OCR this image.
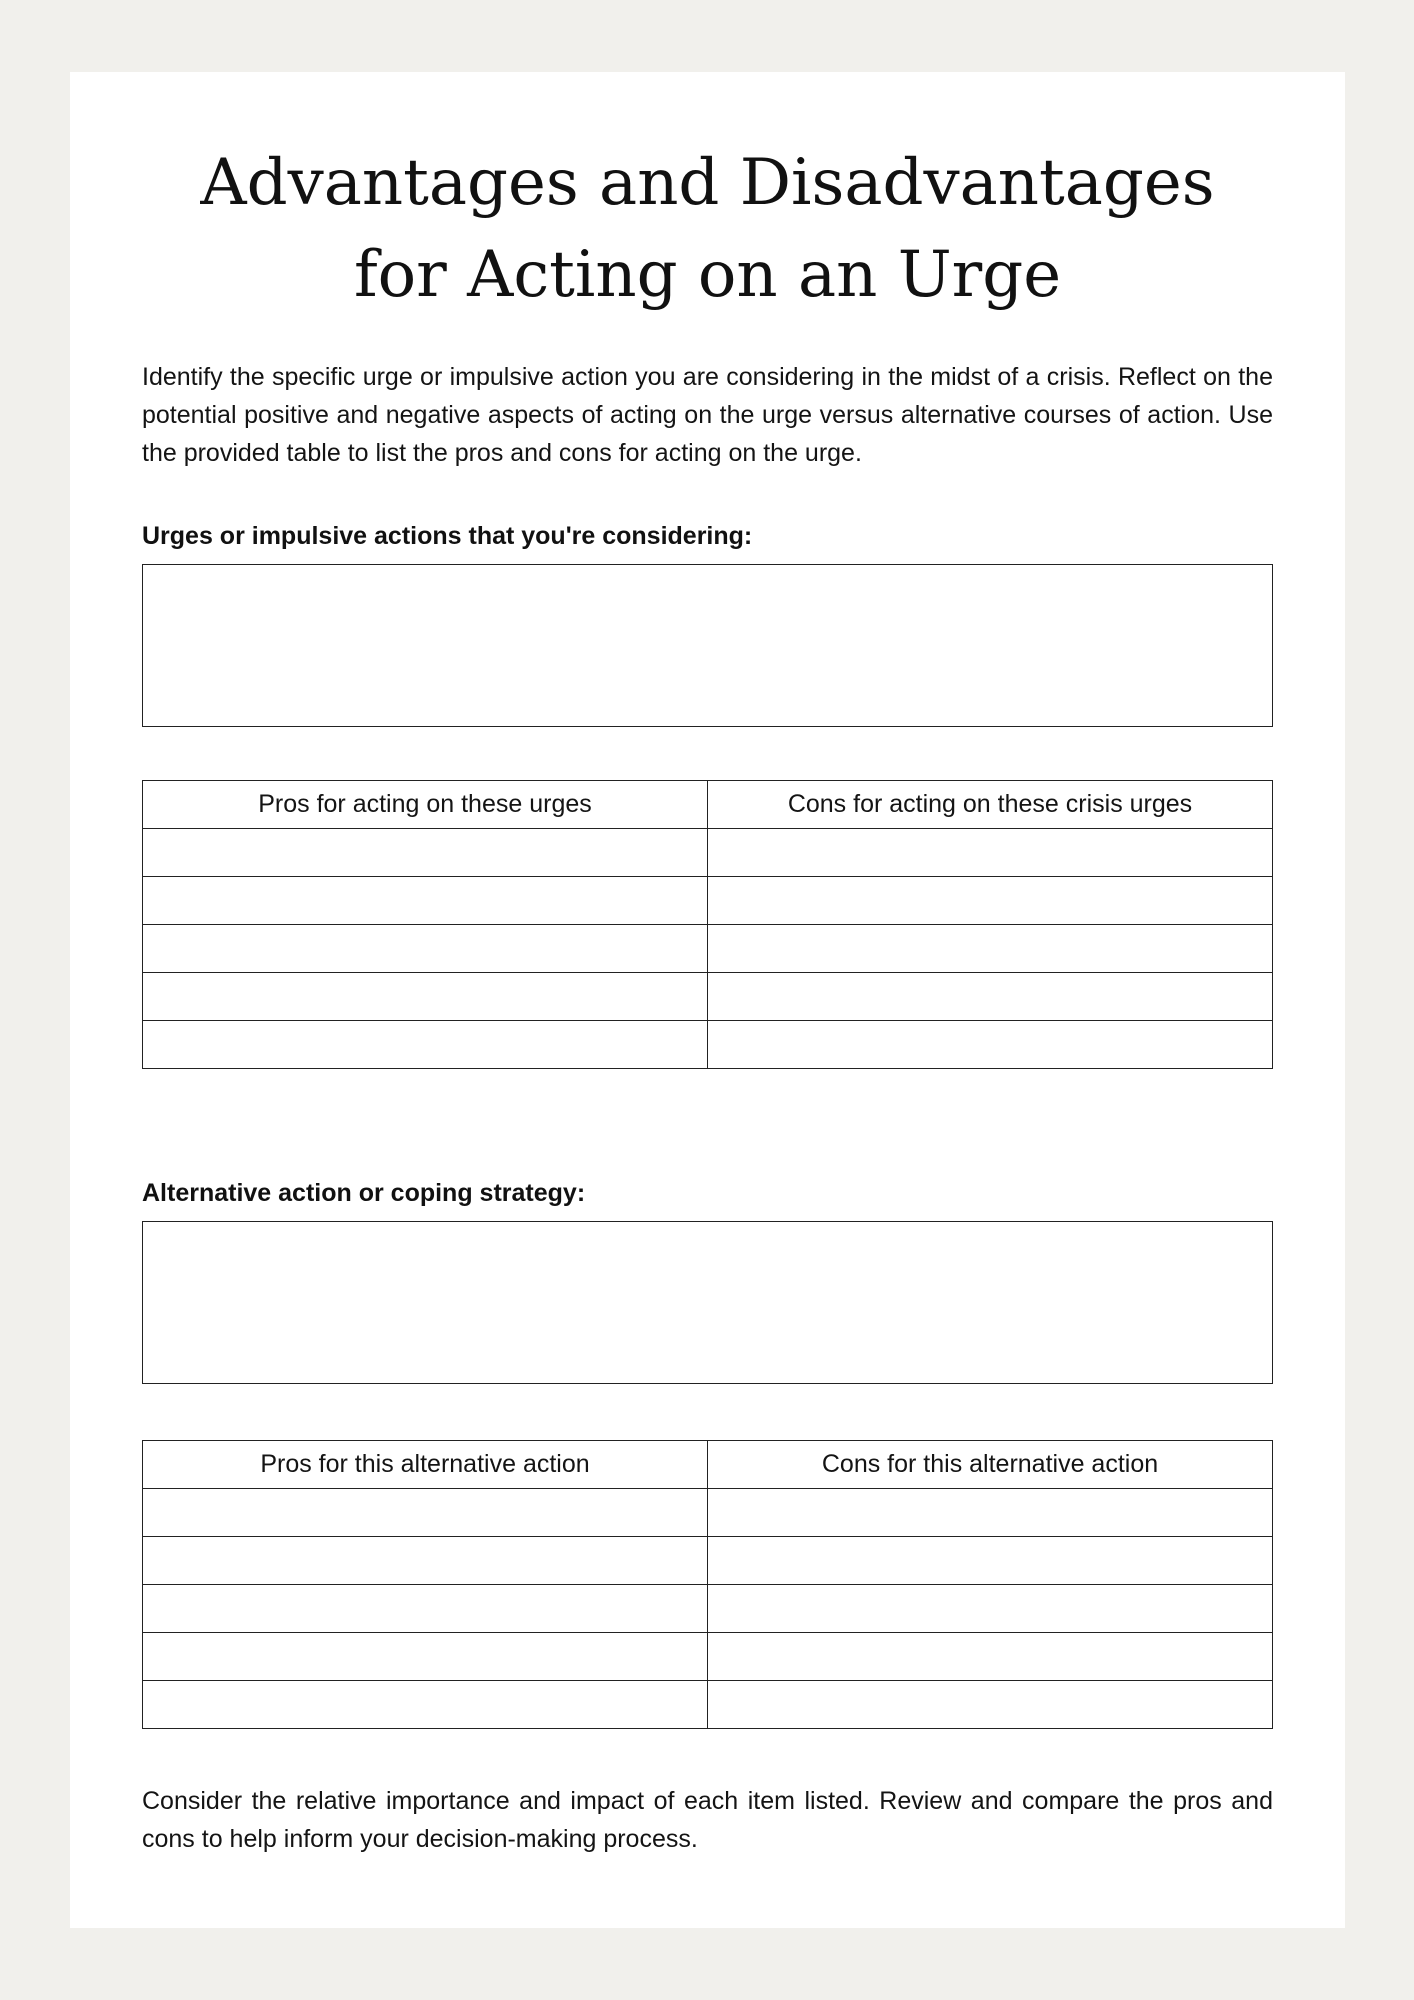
Advantages and Disadvantages
for Acting on an Urge

Identify the specific urge or impulsive action you are considering in the midst of a crisis. Reflect on the potential positive and negative aspects of acting on the urge versus alternative courses of action. Use the provided table to list the pros and cons for acting on the urge.

Urges or impulsive actions that you're considering:

Pros for acting on these urges	Cons for acting on these crisis urges

Alternative action or coping strategy:

Pros for this alternative action	Cons for this alternative action

Consider the relative importance and impact of each item listed. Review and compare the pros and cons to help inform your decision-making process.
